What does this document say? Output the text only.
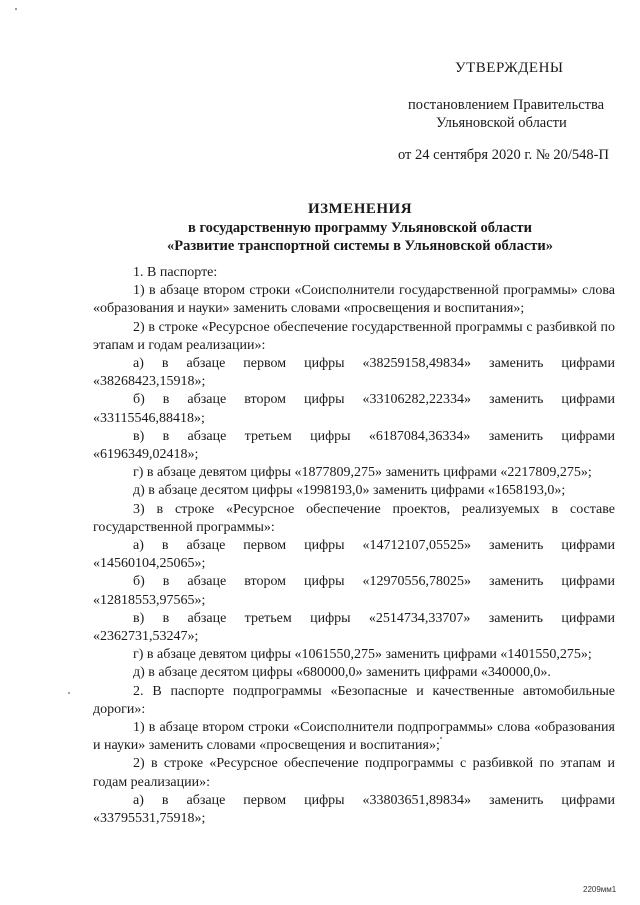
УТВЕРЖДЕНЫ
постановлением Правительства
Ульяновской области
от 24 сентября 2020 г. № 20/548-П
ИЗМЕНЕНИЯ
в государственную программу Ульяновской области
«Развитие транспортной системы в Ульяновской области»

1. В паспорте:

1) в абзаце втором строки «Соисполнители государственной программы» слова «образования и науки» заменить словами «просвещения и воспитания»;

2) в строке «Ресурсное обеспечение государственной программы с разбивкой по этапам и годам реализации»:

а) в абзаце первом цифры «38259158,49834» заменить цифрами «38268423,15918»;

б) в абзаце втором цифры «33106282,22334» заменить цифрами «33115546,88418»;

в) в абзаце третьем цифры «6187084,36334» заменить цифрами «6196349,02418»;

г) в абзаце девятом цифры «1877809,275» заменить цифрами «2217809,275»;

д) в абзаце десятом цифры «1998193,0» заменить цифрами «1658193,0»;

3) в строке «Ресурсное обеспечение проектов, реализуемых в составе государственной программы»:

а) в абзаце первом цифры «14712107,05525» заменить цифрами «14560104,25065»;

б) в абзаце втором цифры «12970556,78025» заменить цифрами «12818553,97565»;

в) в абзаце третьем цифры «2514734,33707» заменить цифрами «2362731,53247»;

г) в абзаце девятом цифры «1061550,275» заменить цифрами «1401550,275»;

д) в абзаце десятом цифры «680000,0» заменить цифрами «340000,0».

2. В паспорте подпрограммы «Безопасные и качественные автомобильные дороги»:

1) в абзаце втором строки «Соисполнители подпрограммы» слова «образования и науки» заменить словами «просвещения и воспитания»;

2) в строке «Ресурсное обеспечение подпрограммы с разбивкой по этапам и годам реализации»:

а) в абзаце первом цифры «33803651,89834» заменить цифрами «33795531,75918»;

2209мм1
